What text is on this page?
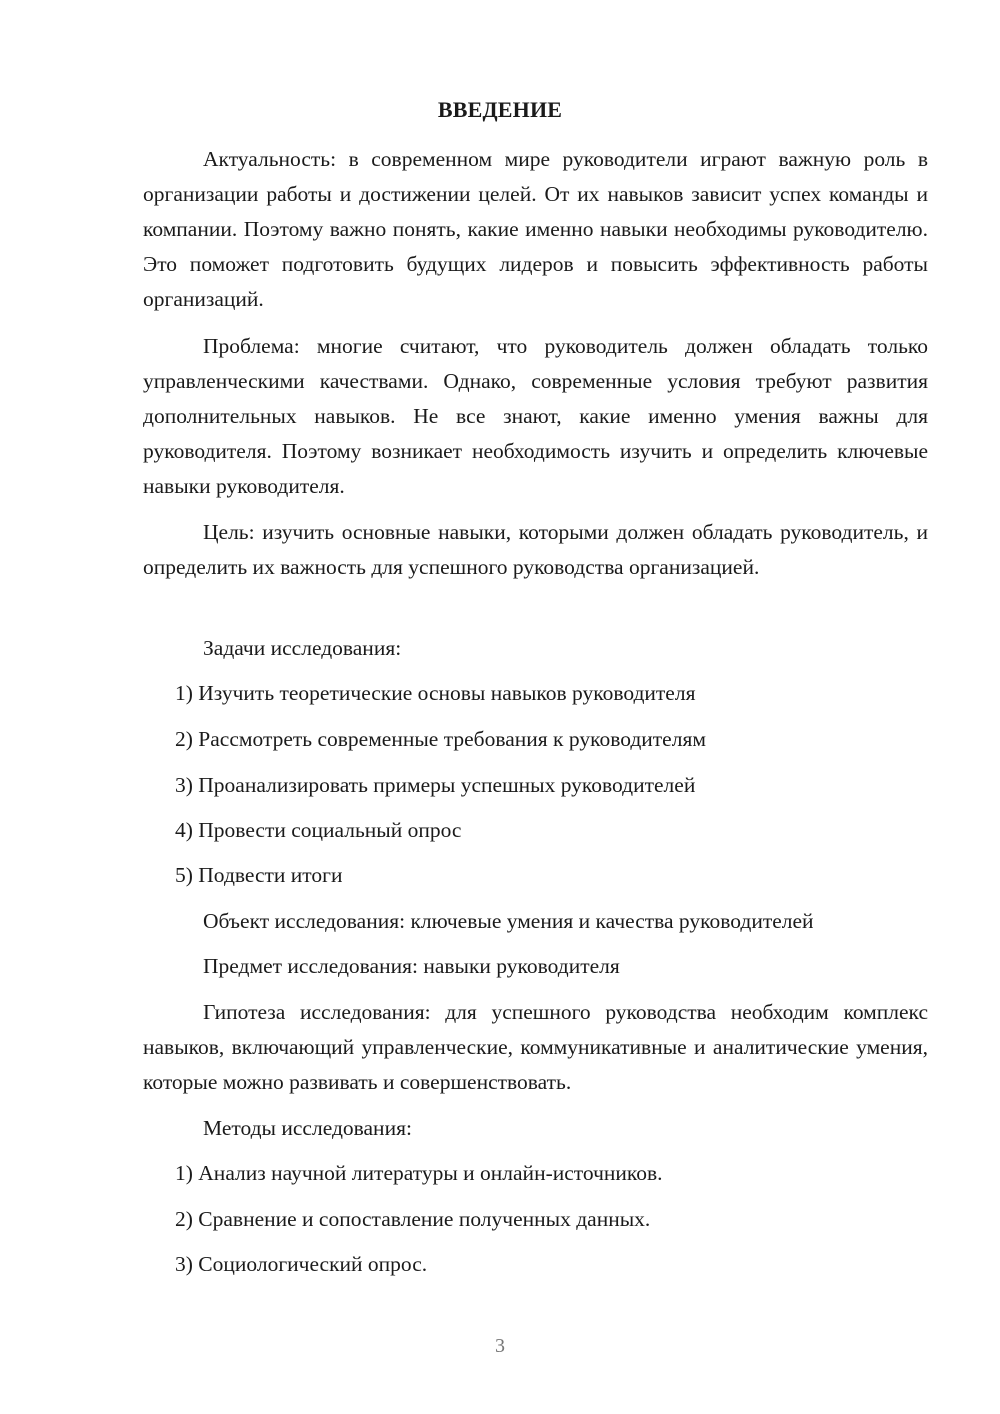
ВВЕДЕНИЕ

Актуальность: в современном мире руководители играют важную роль в организации работы и достижении целей. От их навыков зависит успех команды и компании. Поэтому важно понять, какие именно навыки необходимы руководителю. Это поможет подготовить будущих лидеров и повысить эффективность работы организаций.

Проблема: многие считают, что руководитель должен обладать только управленческими качествами. Однако, современные условия требуют развития дополнительных навыков. Не все знают, какие именно умения важны для руководителя. Поэтому возникает необходимость изучить и определить ключевые навыки руководителя.

Цель: изучить основные навыки, которыми должен обладать руководитель, и определить их важность для успешного руководства организацией.

Задачи исследования:

1) Изучить теоретические основы навыков руководителя

2) Рассмотреть современные требования к руководителям

3) Проанализировать примеры успешных руководителей

4) Провести социальный опрос

5) Подвести итоги

Объект исследования: ключевые умения и качества руководителей

Предмет исследования: навыки руководителя

Гипотеза исследования: для успешного руководства необходим комплекс навыков, включающий управленческие, коммуникативные и аналитические умения, которые можно развивать и совершенствовать.

Методы исследования:

1) Анализ научной литературы и онлайн-источников.

2) Сравнение и сопоставление полученных данных.

3) Социологический опрос.

3
